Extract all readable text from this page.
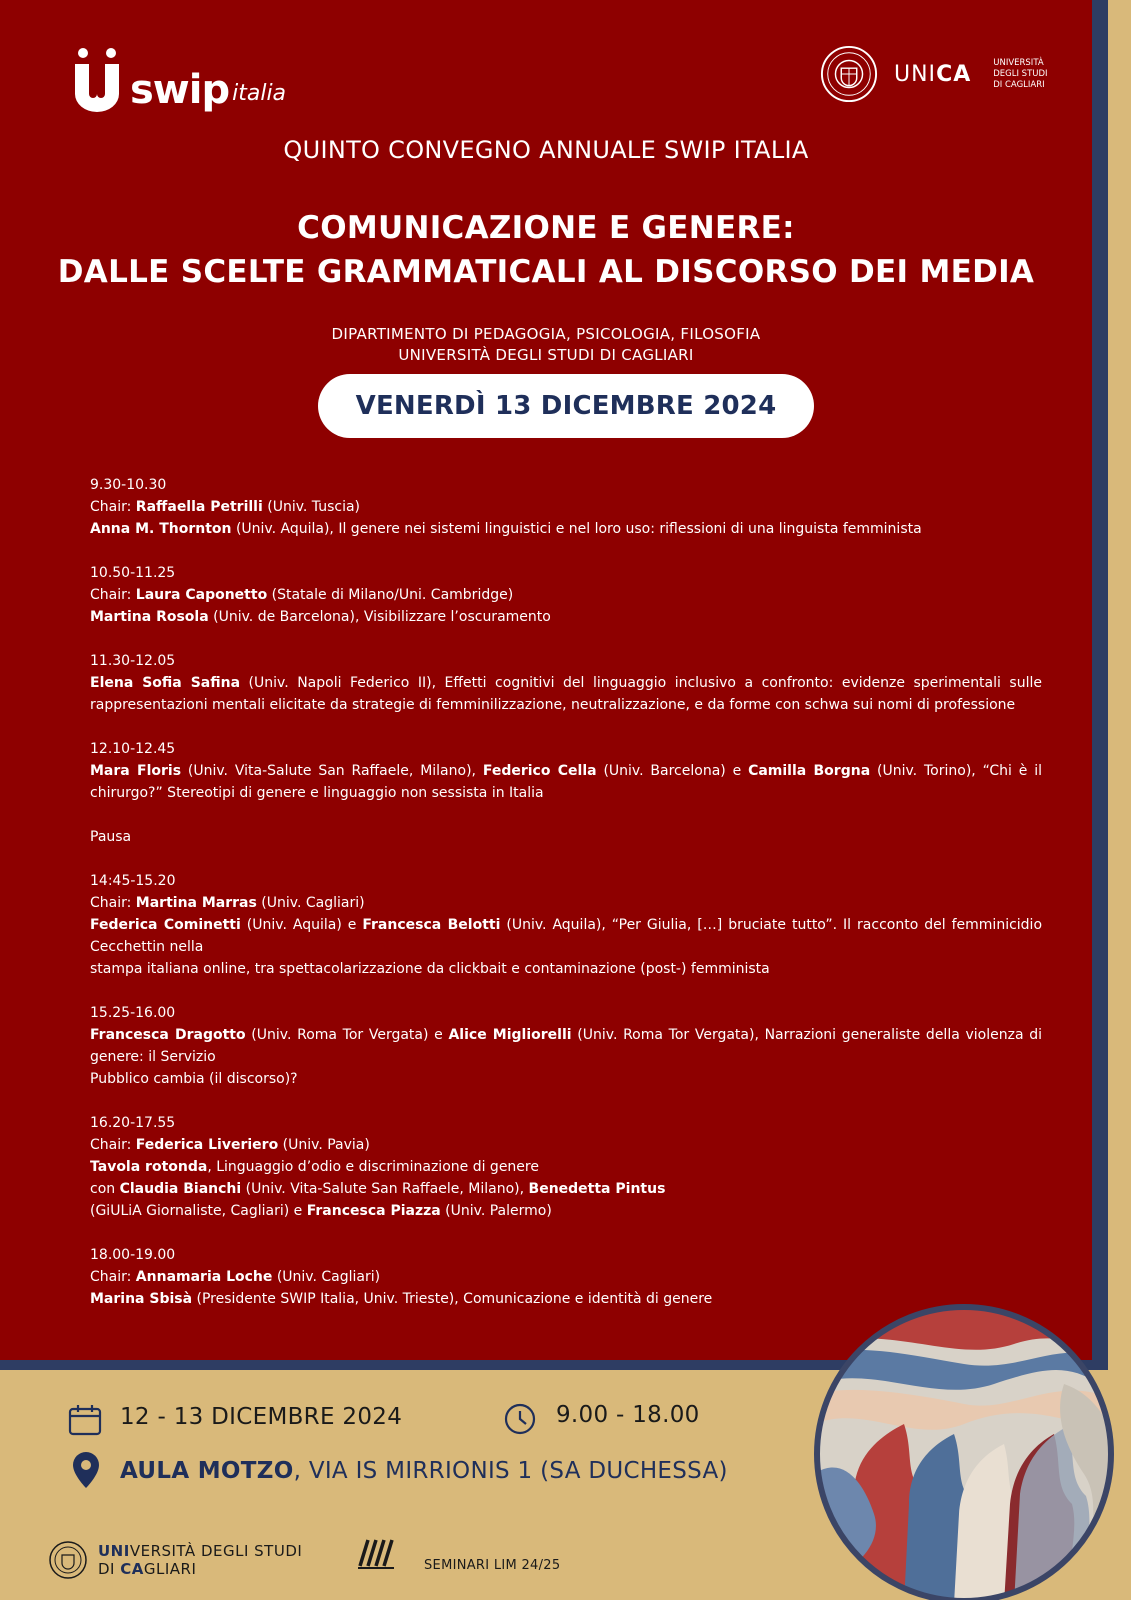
swip italia
UNICA	UNIVERSITÀ
DEGLI STUDI
DI CAGLIARI
QUINTO CONVEGNO ANNUALE SWIP ITALIA
COMUNICAZIONE E GENERE:
DALLE SCELTE GRAMMATICALI AL DISCORSO DEI MEDIA
DIPARTIMENTO DI PEDAGOGIA, PSICOLOGIA, FILOSOFIA
UNIVERSITÀ DEGLI STUDI DI CAGLIARI
VENERDÌ 13 DICEMBRE 2024
9.30-10.30

Chair: Raffaella Petrilli (Univ. Tuscia)

Anna M. Thornton (Univ. Aquila), Il genere nei sistemi linguistici e nel loro uso: riflessioni di una linguista femminista

10.50-11.25

Chair: Laura Caponetto (Statale di Milano/Uni. Cambridge)

Martina Rosola (Univ. de Barcelona), Visibilizzare l’oscuramento

11.30-12.05

Elena Sofia Safina (Univ. Napoli Federico II), Effetti cognitivi del linguaggio inclusivo a confronto: evidenze sperimentali sulle rappresentazioni mentali elicitate da strategie di femminilizzazione, neutralizzazione, e da forme con schwa sui nomi di professione

12.10-12.45

Mara Floris (Univ. Vita-Salute San Raffaele, Milano), Federico Cella (Univ. Barcelona) e Camilla Borgna (Univ. Torino), “Chi è il chirurgo?” Stereotipi di genere e linguaggio non sessista in Italia

Pausa
14:45-15.20

Chair: Martina Marras (Univ. Cagliari)

Federica Cominetti (Univ. Aquila) e Francesca Belotti (Univ. Aquila), “Per Giulia, […] bruciate tutto”. Il racconto del femminicidio Cecchettin nella

stampa italiana online, tra spettacolarizzazione da clickbait e contaminazione (post-) femminista

15.25-16.00

Francesca Dragotto (Univ. Roma Tor Vergata) e Alice Migliorelli (Univ. Roma Tor Vergata), Narrazioni generaliste della violenza di genere: il Servizio

Pubblico cambia (il discorso)?

16.20-17.55

Chair: Federica Liveriero (Univ. Pavia)

Tavola rotonda, Linguaggio d’odio e discriminazione di genere

con Claudia Bianchi (Univ. Vita-Salute San Raffaele, Milano), Benedetta Pintus

(GiULiA Giornaliste, Cagliari) e Francesca Piazza (Univ. Palermo)

18.00-19.00

Chair: Annamaria Loche (Univ. Cagliari)

Marina Sbisà (Presidente SWIP Italia, Univ. Trieste), Comunicazione e identità di genere

12 - 13 DICEMBRE 2024	9.00 - 18.00
AULA MOTZO, VIA IS MIRRIONIS 1 (SA DUCHESSA)
UNIVERSITÀ DEGLI STUDI
DI CAGLIARI	SEMINARI LIM 24/25
